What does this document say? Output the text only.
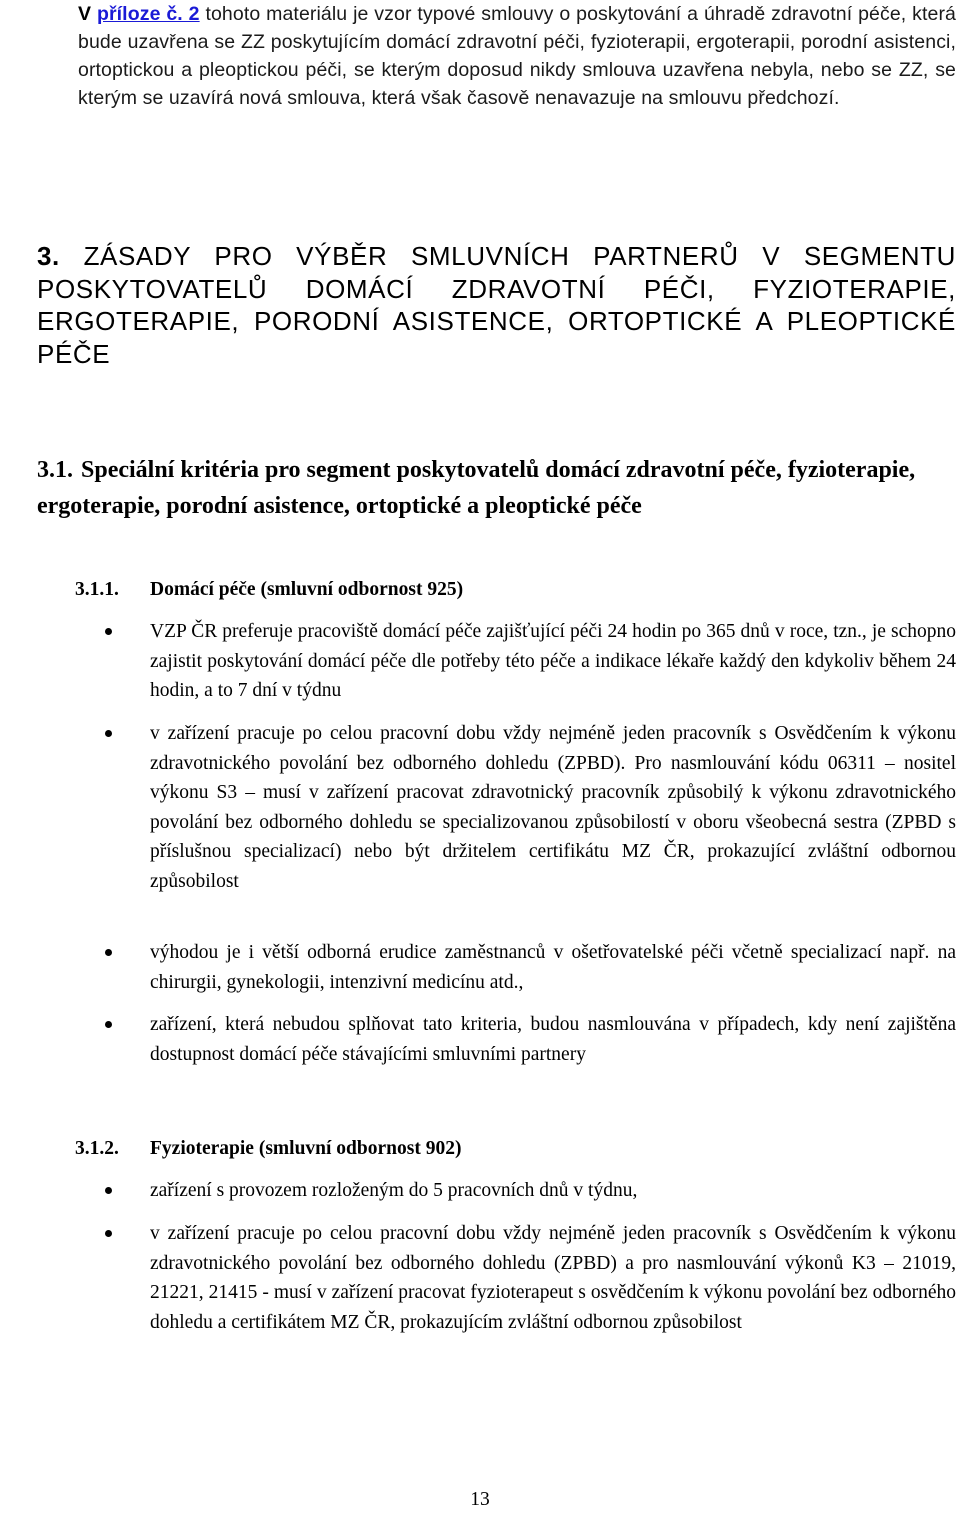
V příloze č. 2 tohoto materiálu je vzor typové smlouvy o poskytování a úhradě zdravotní péče, která bude uzavřena se ZZ poskytujícím domácí zdravotní péči, fyzioterapii, ergoterapii, porodní asistenci, ortoptickou a pleoptickou péči, se kterým doposud nikdy smlouva uzavřena nebyla, nebo se ZZ, se kterým se uzavírá nová smlouva, která však časově nenavazuje na smlouvu předchozí.
3. ZÁSADY PRO VÝBĚR SMLUVNÍCH PARTNERŮ V SEGMENTU POSKYTOVATELŮ DOMÁCÍ ZDRAVOTNÍ PÉČI, FYZIOTERAPIE, ERGOTERAPIE, PORODNÍ ASISTENCE, ORTOPTICKÉ A PLEOPTICKÉ PÉČE
3.1. Speciální kritéria pro segment poskytovatelů domácí zdravotní péče, fyzioterapie, ergoterapie, porodní asistence, ortoptické a pleoptické péče
3.1.1. Domácí péče (smluvní odbornost 925)
VZP ČR preferuje pracoviště domácí péče zajišťující péči 24 hodin po 365 dnů v roce, tzn., je schopno zajistit poskytování domácí péče dle potřeby této péče a indikace lékaře každý den kdykoliv během 24 hodin, a to 7 dní v týdnu
v zařízení pracuje po celou pracovní dobu vždy nejméně jeden pracovník s Osvědčením k výkonu zdravotnického povolání bez odborného dohledu (ZPBD). Pro nasmlouvání kódu 06311 – nositel výkonu S3 – musí v zařízení pracovat zdravotnický pracovník způsobilý k výkonu zdravotnického povolání bez odborného dohledu se specializovanou způsobilostí v oboru všeobecná sestra (ZPBD s příslušnou specializací) nebo být držitelem certifikátu MZ ČR, prokazující zvláštní odbornou způsobilost
výhodou je i větší odborná erudice zaměstnanců v ošetřovatelské péči včetně specializací např. na chirurgii, gynekologii, intenzivní medicínu atd.,
zařízení, která nebudou splňovat tato kriteria, budou nasmlouvána v případech, kdy není zajištěna dostupnost domácí péče stávajícími smluvními partnery
3.1.2. Fyzioterapie (smluvní odbornost 902)
zařízení s provozem rozloženým do 5 pracovních dnů v týdnu,
v zařízení pracuje po celou pracovní dobu vždy nejméně jeden pracovník s Osvědčením k výkonu zdravotnického povolání bez odborného dohledu (ZPBD) a pro nasmlouvání výkonů K3 – 21019, 21221, 21415 - musí v zařízení pracovat fyzioterapeut s osvědčením k výkonu povolání bez odborného dohledu a certifikátem MZ ČR, prokazujícím zvláštní odbornou způsobilost
13
